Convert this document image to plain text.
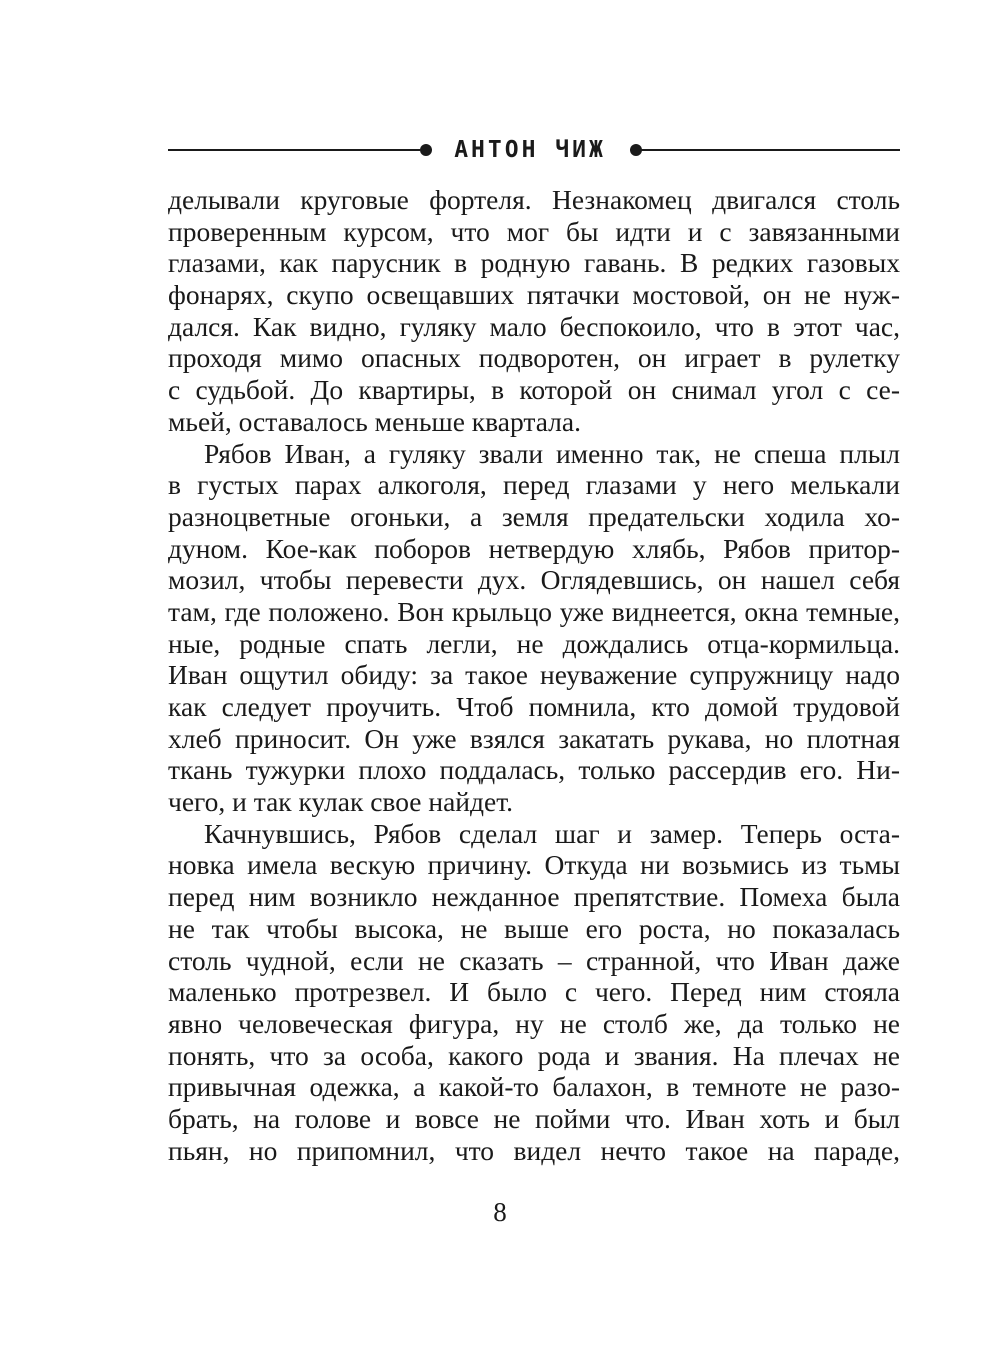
АНТОН ЧИЖ
делывали круговые фортеля. Незнакомец двигался столь
проверенным курсом, что мог бы идти и с завязанными
глазами, как парусник в родную гавань. В редких газовых
фонарях, скупо освещавших пятачки мостовой, он не нуж-
дался. Как видно, гуляку мало беспокоило, что в этот час,
проходя мимо опасных подворотен, он играет в рулетку
с судьбой. До квартиры, в которой он снимал угол с се-
мьей, оставалось меньше квартала.
Рябов Иван, а гуляку звали именно так, не спеша плыл
в густых парах алкоголя, перед глазами у него мелькали
разноцветные огоньки, а земля предательски ходила хо-
дуном. Кое-как поборов нетвердую хлябь, Рябов притор-
мозил, чтобы перевести дух. Оглядевшись, он нашел себя
там, где положено. Вон крыльцо уже виднеется, окна темные,
ные, родные спать легли, не дождались отца-кормильца.
Иван ощутил обиду: за такое неуважение супружницу надо
как следует проучить. Чтоб помнила, кто домой трудовой
хлеб приносит. Он уже взялся закатать рукава, но плотная
ткань тужурки плохо поддалась, только рассердив его. Ни-
чего, и так кулак свое найдет.
Качнувшись, Рябов сделал шаг и замер. Теперь оста-
новка имела вескую причину. Откуда ни возьмись из тьмы
перед ним возникло нежданное препятствие. Помеха была
не так чтобы высока, не выше его роста, но показалась
столь чудной, если не сказать – странной, что Иван даже
маленько протрезвел. И было с чего. Перед ним стояла
явно человеческая фигура, ну не столб же, да только не
понять, что за особа, какого рода и звания. На плечах не
привычная одежка, а какой-то балахон, в темноте не разо-
брать, на голове и вовсе не пойми что. Иван хоть и был
пьян, но припомнил, что видел нечто такое на параде,
8
